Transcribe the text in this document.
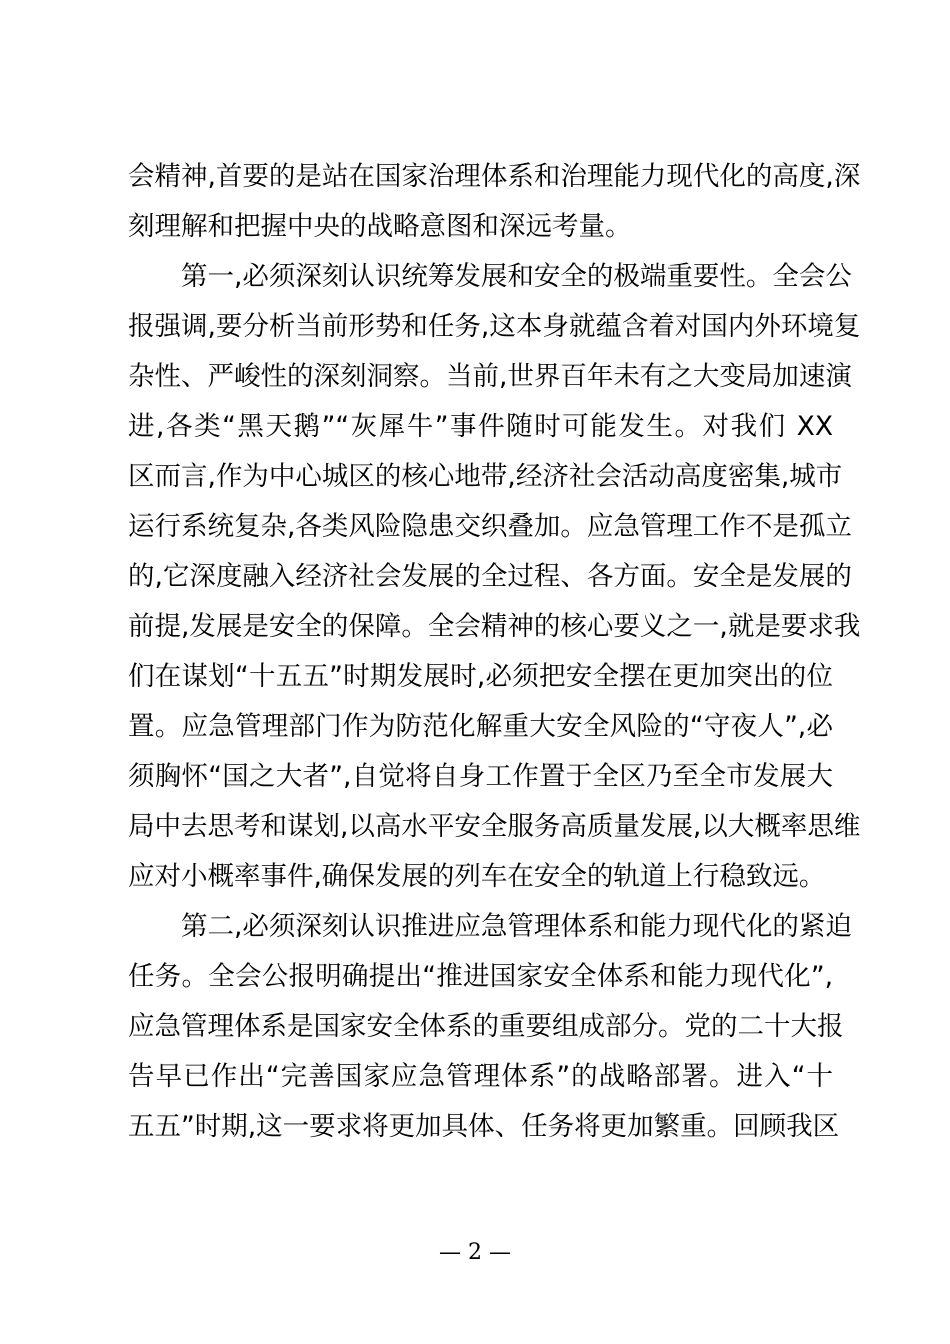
会精神,首要的是站在国家治理体系和治理能力现代化的高度,深
刻理解和把握中央的战略意图和深远考量。
第一,必须深刻认识统筹发展和安全的极端重要性。全会公
报强调,要分析当前形势和任务,这本身就蕴含着对国内外环境复
杂性、严峻性的深刻洞察。当前,世界百年未有之大变局加速演
进,各类“黑天鹅”“灰犀牛”事件随时可能发生。对我们 XX
区而言,作为中心城区的核心地带,经济社会活动高度密集,城市
运行系统复杂,各类风险隐患交织叠加。应急管理工作不是孤立
的,它深度融入经济社会发展的全过程、各方面。安全是发展的
前提,发展是安全的保障。全会精神的核心要义之一,就是要求我
们在谋划“十五五”时期发展时,必须把安全摆在更加突出的位
置。应急管理部门作为防范化解重大安全风险的“守夜人”,必
须胸怀“国之大者”,自觉将自身工作置于全区乃至全市发展大
局中去思考和谋划,以高水平安全服务高质量发展,以大概率思维
应对小概率事件,确保发展的列车在安全的轨道上行稳致远。
第二,必须深刻认识推进应急管理体系和能力现代化的紧迫
任务。全会公报明确提出“推进国家安全体系和能力现代化”,
应急管理体系是国家安全体系的重要组成部分。党的二十大报
告早已作出“完善国家应急管理体系”的战略部署。进入“十
五五”时期,这一要求将更加具体、任务将更加繁重。回顾我区
— 2 —
